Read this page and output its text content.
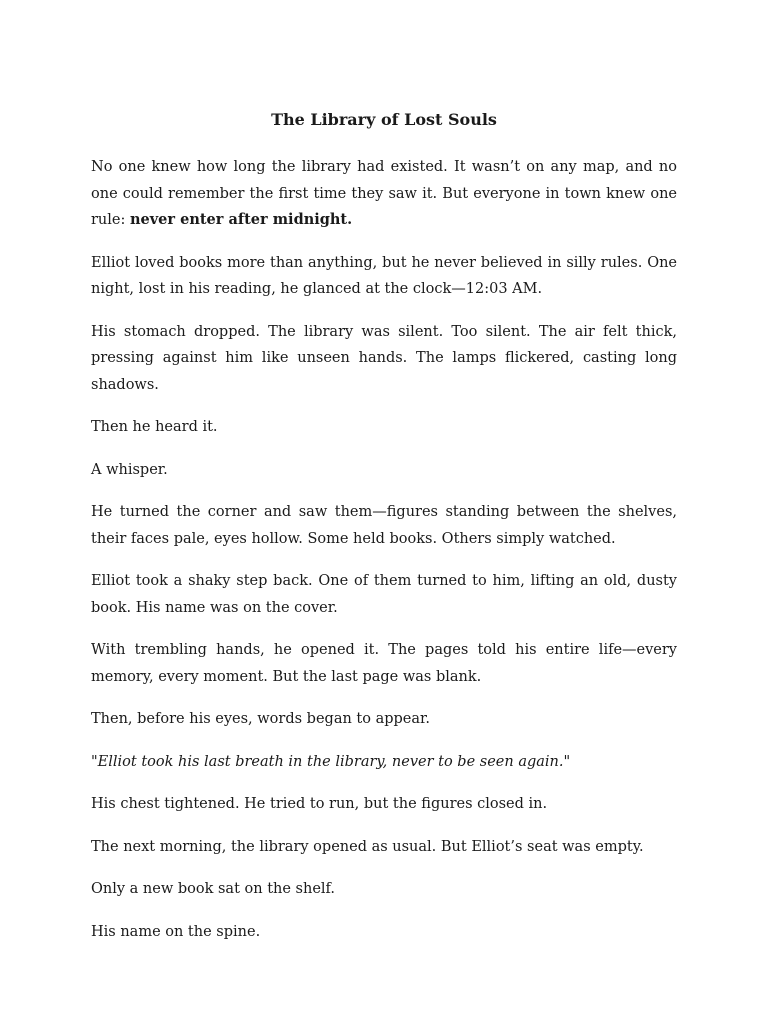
The Library of Lost Souls

No one knew how long the library had existed. It wasn’t on any map, and no one could remember the first time they saw it. But everyone in town knew one rule: never enter after midnight.

Elliot loved books more than anything, but he never believed in silly rules. One night, lost in his reading, he glanced at the clock—12:03 AM.

His stomach dropped. The library was silent. Too silent. The air felt thick, pressing against him like unseen hands. The lamps flickered, casting long shadows.

Then he heard it.

A whisper.

He turned the corner and saw them—figures standing between the shelves, their faces pale, eyes hollow. Some held books. Others simply watched.

Elliot took a shaky step back. One of them turned to him, lifting an old, dusty book. His name was on the cover.

With trembling hands, he opened it. The pages told his entire life—every memory, every moment. But the last page was blank.

Then, before his eyes, words began to appear.

"Elliot took his last breath in the library, never to be seen again."

His chest tightened. He tried to run, but the figures closed in.

The next morning, the library opened as usual. But Elliot’s seat was empty.

Only a new book sat on the shelf.

His name on the spine.
